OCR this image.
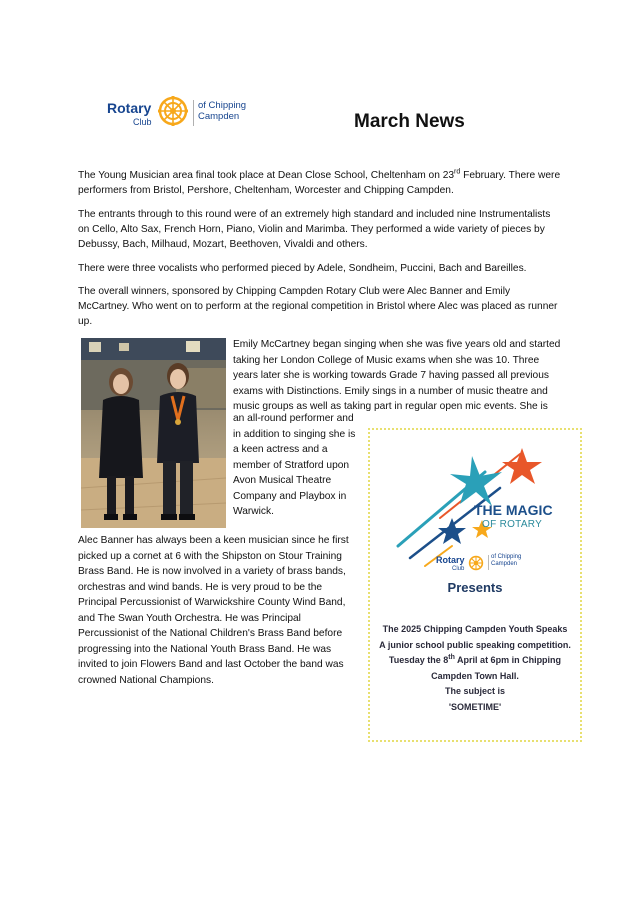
Rotary
Club
of Chipping
Campden	March News

The Young Musician area final took place at Dean Close School, Cheltenham on 23rd February. There were performers from Bristol, Pershore, Cheltenham, Worcester and Chipping Campden.

The entrants through to this round were of an extremely high standard and included nine Instrumentalists on Cello, Alto Sax, French Horn, Piano, Violin and Marimba. They performed a wide variety of pieces by Debussy, Bach, Milhaud, Mozart, Beethoven, Vivaldi and others.

There were three vocalists who performed pieced by Adele, Sondheim, Puccini, Bach and Bareilles.

The overall winners, sponsored by Chipping Campden Rotary Club were Alec Banner and Emily McCartney. Who went on to perform at the regional competition in Bristol where Alec was placed as runner up.

Emily McCartney began singing when she was five years old and started taking her London College of Music exams when she was 10. Three years later she is working towards Grade 7 having passed all previous exams with Distinctions. Emily sings in a number of music theatre and music groups as well as taking part in regular open mic events. She is

an all-round performer and in addition to singing she is a keen actress and a member of Stratford upon Avon Musical Theatre Company and Playbox in Warwick.

Alec Banner has always been a keen musician since he first picked up a cornet at 6 with the Shipston on Stour Training Brass Band. He is now involved in a variety of brass bands, orchestras and wind bands. He is very proud to be the Principal Percussionist of Warwickshire County Wind Band, and The Swan Youth Orchestra. He was Principal Percussionist of the National Children's Brass Band before progressing into the National Youth Brass Band. He was invited to join Flowers Band and last October the band was crowned National Champions.

THE MAGIC
OF ROTARY
Rotary
Club
of Chipping
Campden
Presents
The 2025 Chipping Campden Youth Speaks
A junior school public speaking competition.
Tuesday the 8th April at 6pm in Chipping
Campden Town Hall.
The subject is
'SOMETIME'
